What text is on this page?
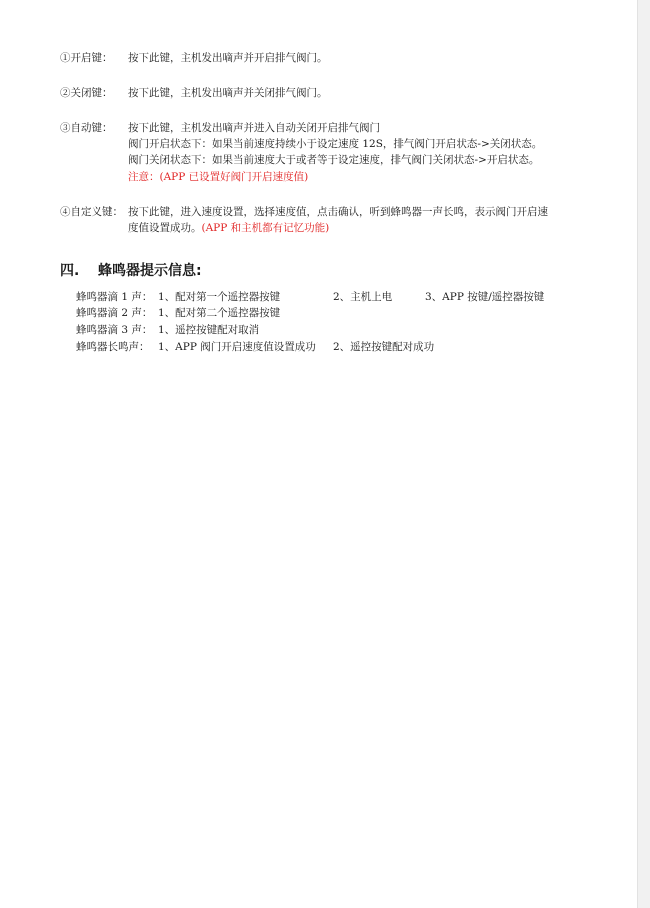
①开启键： 按下此键，主机发出嘀声并开启排气阀门。
②关闭键： 按下此键，主机发出嘀声并关闭排气阀门。
③自动键： 按下此键，主机发出嘀声并进入自动关闭开启排气阀门
阀门开启状态下：如果当前速度持续小于设定速度 12S，排气阀门开启状态->关闭状态。
阀门关闭状态下：如果当前速度大于或者等于设定速度，排气阀门关闭状态->开启状态。
注意：(APP 已设置好阀门开启速度值)
④自定义键： 按下此键，进入速度设置，选择速度值，点击确认，听到蜂鸣器一声长鸣，表示阀门开启速
度值设置成功。(APP 和主机都有记忆功能)
四. 蜂鸣器提示信息:
蜂鸣器滴 1 声： 1、配对第一个遥控器按键	2、主机上电	3、APP 按键/遥控器按键
蜂鸣器滴 2 声： 1、配对第二个遥控器按键
蜂鸣器滴 3 声： 1、遥控按键配对取消
蜂鸣器长鸣声： 1、APP 阀门开启速度值设置成功 2、遥控按键配对成功
